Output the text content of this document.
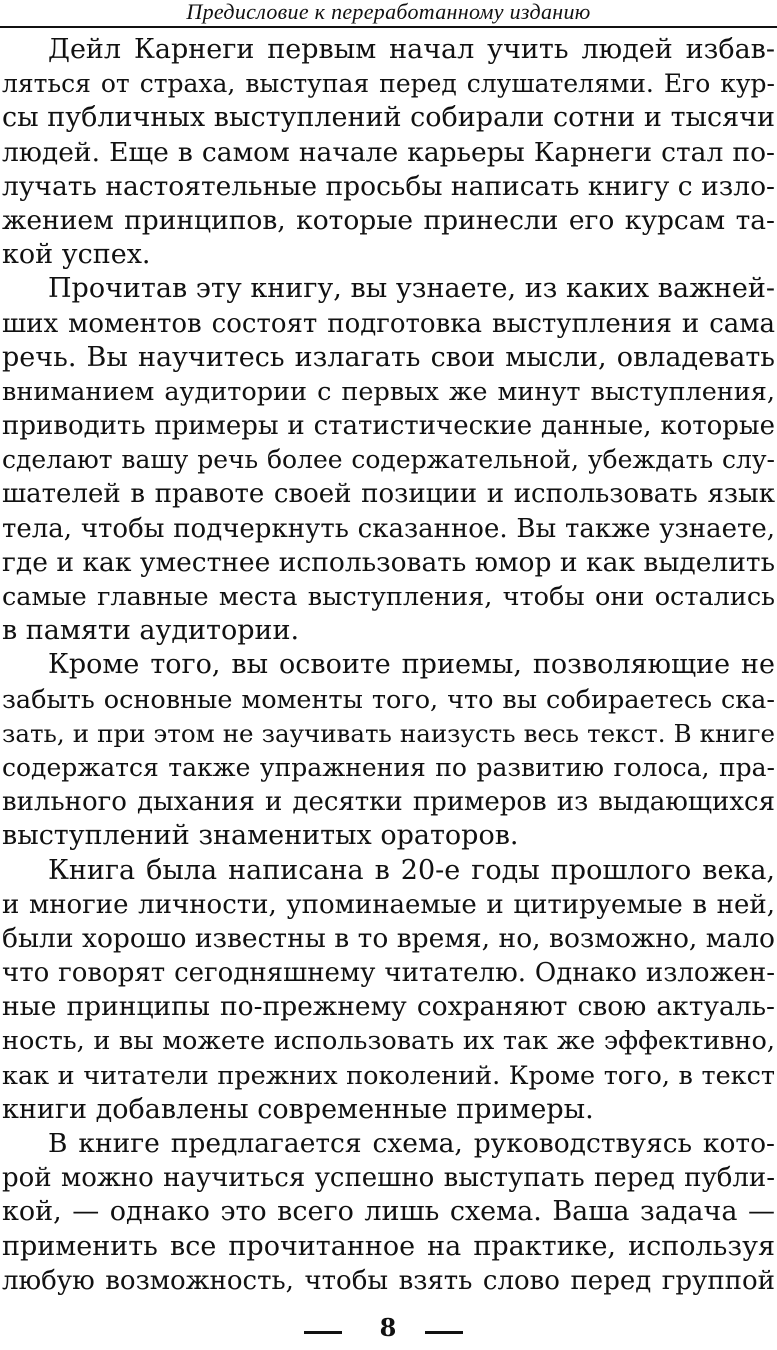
Предисловие к переработанному изданию
Дейл Карнеги первым начал учить людей избав-
ляться от страха, выступая перед слушателями. Его кур-
сы публичных выступлений собирали сотни и тысячи
людей. Еще в самом начале карьеры Карнеги стал по-
лучать настоятельные просьбы написать книгу с изло-
жением принципов, которые принесли его курсам та-
кой успех.
Прочитав эту книгу, вы узнаете, из каких важней-
ших моментов состоят подготовка выступления и сама
речь. Вы научитесь излагать свои мысли, овладевать
вниманием аудитории с первых же минут выступления,
приводить примеры и статистические данные, которые
сделают вашу речь более содержательной, убеждать слу-
шателей в правоте своей позиции и использовать язык
тела, чтобы подчеркнуть сказанное. Вы также узнаете,
где и как уместнее использовать юмор и как выделить
самые главные места выступления, чтобы они остались
в памяти аудитории.
Кроме того, вы освоите приемы, позволяющие не
забыть основные моменты того, что вы собираетесь ска-
зать, и при этом не заучивать наизусть весь текст. В книге
содержатся также упражнения по развитию голоса, пра-
вильного дыхания и десятки примеров из выдающихся
выступлений знаменитых ораторов.
Книга была написана в 20-е годы прошлого века,
и многие личности, упоминаемые и цитируемые в ней,
были хорошо известны в то время, но, возможно, мало
что говорят сегодняшнему читателю. Однако изложен-
ные принципы по-прежнему сохраняют свою актуаль-
ность, и вы можете использовать их так же эффективно,
как и читатели прежних поколений. Кроме того, в текст
книги добавлены современные примеры.
В книге предлагается схема, руководствуясь кото-
рой можно научиться успешно выступать перед публи-
кой, — однако это всего лишь схема. Ваша задача —
применить все прочитанное на практике, используя
любую возможность, чтобы взять слово перед группой
8
